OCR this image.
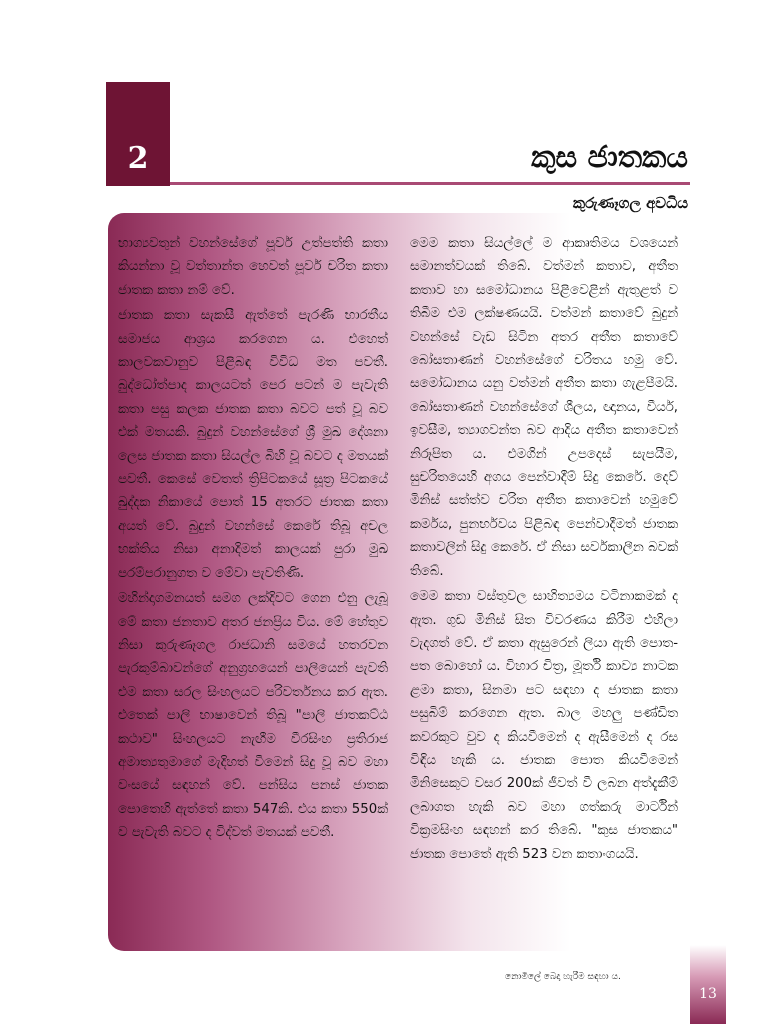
2	කුස ජාතකය
කුරුණෑගල අවධිය

භාග්‍යවතුන් වහන්සේගේ පූර්ව උත්පත්ති කතා කියන්නා වූ වත්තාන්ත හෙවත් පූර්ව චරිත කතා ජාතක කතා නම් වේ.

ජාතක කතා සැකසී ඇත්තේ පැරණි භාරතීය සමාජය ආශ්‍රය කරගෙන ය. එහෙත් කාලවකවානුව පිළිබඳ විවිධ මත පවතී. බුද්ධෝත්පාද කාලයටත් පෙර පටන් ම පැවැති කතා පසු කලක ජාතක කතා බවට පත් වූ බව එක් මතයකි. බුදුන් වහන්සේගේ ශ්‍රී මුඛ දේශනා ලෙස ජාතක කතා සියල්ල බිහි වූ බවට ද මතයක් පවතී. කෙසේ වෙතත් ත්‍රිපිටකයේ සූත්‍ර පිටකයේ ඛුද්දක නිකායේ පොත් 15 අතරට ජාතක කතා අයත් වේ. බුදුන් වහන්සේ කෙරේ තිබූ අචල භක්තිය නිසා අනාදිමත් කාලයක් පුරා මුඛ පරම්පරානුගත ව මේවා පැවතිණි.

මහින්දාගමනයත් සමග ලක්දිවට ගෙන එනු ලැබූ මේ කතා ජනතාව අතර ජනප්‍රිය විය. මේ හේතුව නිසා කුරුණෑගල රාජධානි සමයේ හතරවන පැරකුම්බාවන්ගේ අනුග්‍රහයෙන් පාලියෙන් පැවති එම කතා සරල සිංහලයට පරිවර්තනය කර ඇත. එතෙක් පාලි භාෂාවෙන් තිබූ "පාලි ජාතකට්ඨ කථාව" සිංහලයට නැඟීම වීරසිංහ ප්‍රතිරාජ අමාත්‍යතුමාගේ මැදිහත් වීමෙන් සිදු වූ බව මහා වංසයේ සඳහන් වේ. පන්සිය පනස් ජාතක පොතෙහි ඇත්තේ කතා 547කි. එය කතා 550ක් ව පැවැති බවට ද විද්වත් මතයක් පවතී.

මෙම කතා සියල්ලේ ම ආකෘතිමය වශයෙන් සමානත්වයක් තිබේ. වත්මන් කතාව, අතීත කතාව හා සමෝධානය පිළිවෙළින් ඇතුළත් ව තිබීම එම ලක්ෂණයයි. වත්මන් කතාවේ බුදුන් වහන්සේ වැඩ සිටින අතර අතීත කතාවේ බෝසතාණන් වහන්සේගේ චරිතය හමු වේ. සමෝධානය යනු වත්මන් අතීත කතා ගැළපීමයි. බෝසතාණන් වහන්සේගේ ශීලය, ඥානය, වීර්ය, ඉවසීම, ත්‍යාගවන්ත බව ආදිය අතීත කතාවෙන් නිරූපිත ය. එමගින් උපදෙස් සැපයීම, සුචරිතයෙහි අගය පෙන්වාදීම් සිදු කෙරේ. දෙව් මිනිස් සත්ත්ව චරිත අතීත කතාවෙන් හමුවේ කර්මය, පුනර්භවය පිළිබඳ පෙන්වාදීමත් ජාතක කතාවලින් සිදු කෙරේ. ඒ නිසා සර්වකාලීන බවක් තිබේ.

මෙම කතා වස්තුවල සාහිත්‍යමය වටිනාකමක් ද ඇත. ගුඩ මිනිස් සිත විවරණය කිරීම එහිලා වැදගත් වේ. ඒ කතා ඇසුරෙන් ලියා ඇති පොත-පත බොහෝ ය. විහාර චිත්‍ර, මූර්ති කාව්‍ය නාටක ළමා කතා, සිනමා පට සඳහා ද ජාතක කතා පසුබිම් කරගෙන ඇත. බාල මහලු පණ්ඩිත කවරකුට වුව ද කියවීමෙන් ද ඇසීමෙන් ද රස විඳිය හැකි ය. ජාතක පොත කියවීමෙන් මිනිසෙකුට වසර 200ක් ජීවත් වී ලබන අත්දැකීම් ලබාගත හැකි බව මහා ගත්කරු මාර්ටින් වික්‍රමසිංහ සඳහන් කර තිබේ. "කුස ජාතකය" ජාතක පොතේ ඇති 523 වන කතාංගයයි.

නොමිලේ බෙදා හැරීම සඳහා ය.
13
